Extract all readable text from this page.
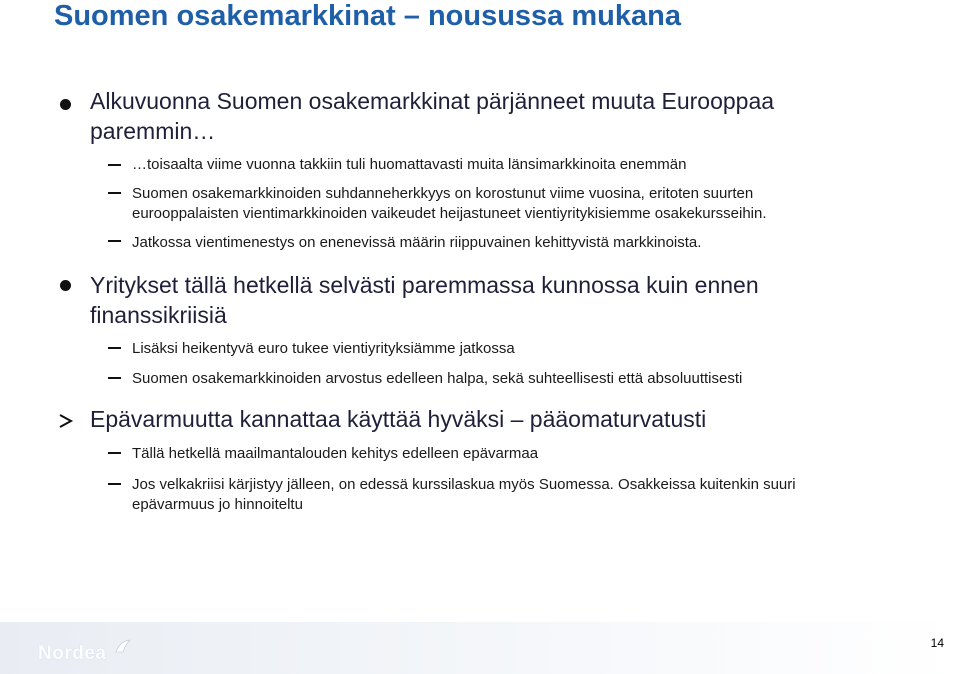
Suomen osakemarkkinat – nousussa mukana
Alkuvuonna Suomen osakemarkkinat pärjänneet muuta Eurooppaa
paremmin…
…toisaalta viime vuonna takkiin tuli huomattavasti muita länsimarkkinoita enemmän
Suomen osakemarkkinoiden suhdanneherkkyys on korostunut viime vuosina, eritoten suurten
eurooppalaisten vientimarkkinoiden vaikeudet heijastuneet vientiyritykisiemme osakekursseihin.
Jatkossa vientimenestys on enenevissä määrin riippuvainen kehittyvistä markkinoista.
Yritykset tällä hetkellä selvästi paremmassa kunnossa kuin ennen
finanssikriisiä
Lisäksi heikentyvä euro tukee vientiyrityksiämme jatkossa
Suomen osakemarkkinoiden arvostus edelleen halpa, sekä suhteellisesti että absoluuttisesti
Epävarmuutta kannattaa käyttää hyväksi – pääomaturvatusti
Tällä hetkellä maailmantalouden kehitys edelleen epävarmaa
Jos velkakriisi kärjistyy jälleen, on edessä kurssilaskua myös Suomessa. Osakkeissa kuitenkin suuri
epävarmuus jo hinnoiteltu
Nordea	14
